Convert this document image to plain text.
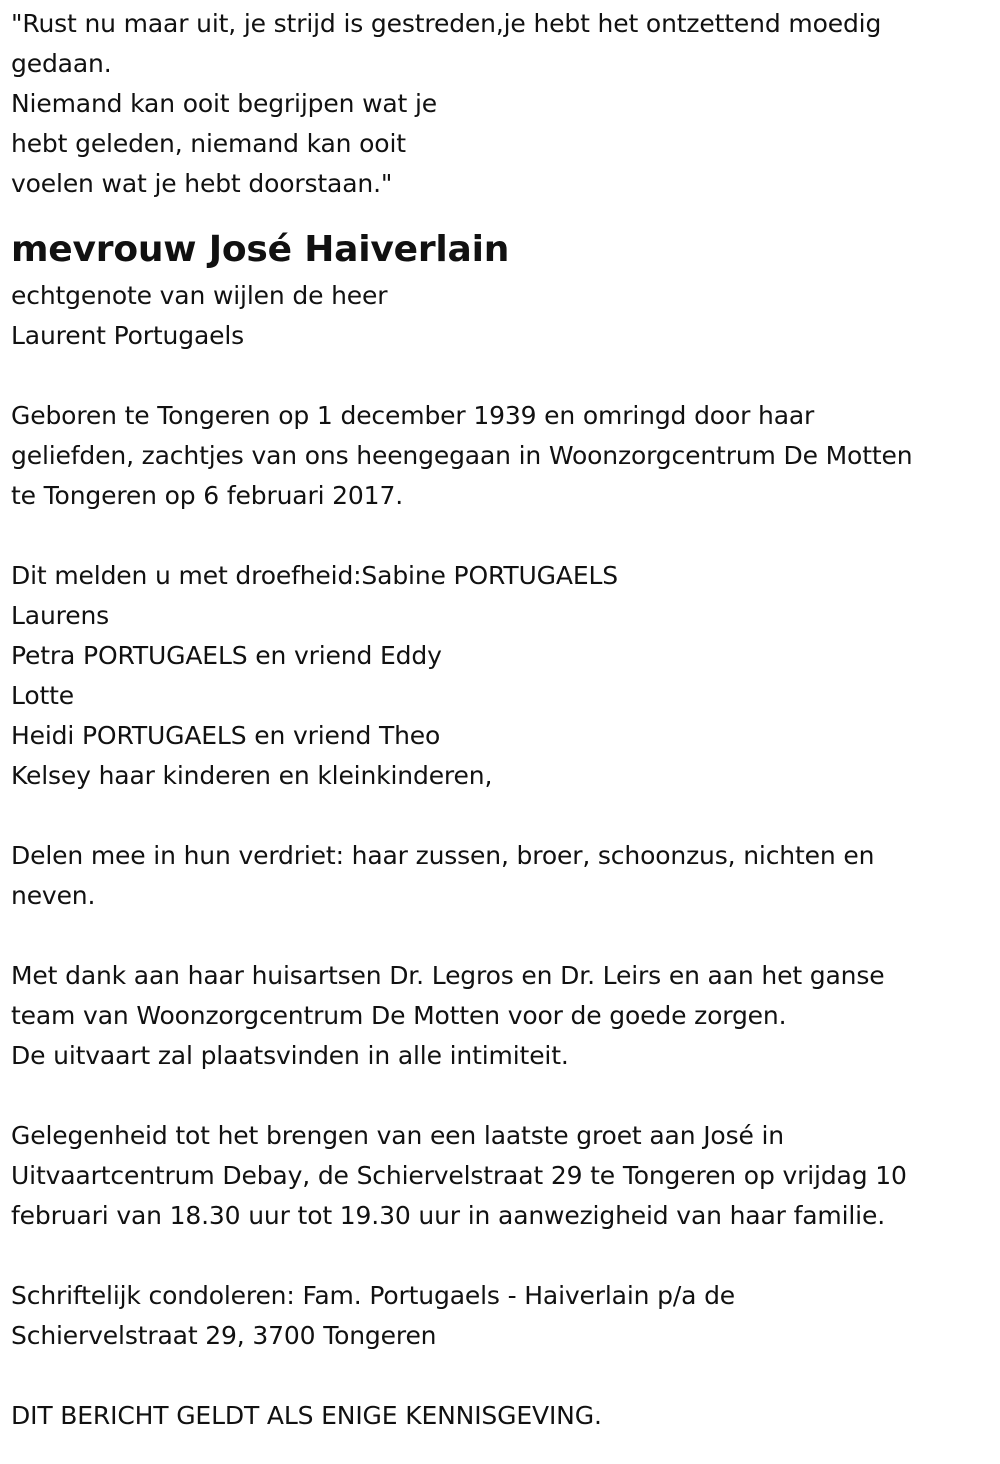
"Rust nu maar uit, je strijd is gestreden,je hebt het ontzettend moedig
gedaan.
Niemand kan ooit begrijpen wat je
hebt geleden, niemand kan ooit
voelen wat je hebt doorstaan."
mevrouw José Haiverlain
echtgenote van wijlen de heer
Laurent Portugaels
Geboren te Tongeren op 1 december 1939 en omringd door haar
geliefden, zachtjes van ons heengegaan in Woonzorgcentrum De Motten
te Tongeren op 6 februari 2017.
Dit melden u met droefheid:Sabine PORTUGAELS
Laurens
Petra PORTUGAELS en vriend Eddy
Lotte
Heidi PORTUGAELS en vriend Theo
Kelsey haar kinderen en kleinkinderen,
Delen mee in hun verdriet: haar zussen, broer, schoonzus, nichten en
neven.
Met dank aan haar huisartsen Dr. Legros en Dr. Leirs en aan het ganse
team van Woonzorgcentrum De Motten voor de goede zorgen.
De uitvaart zal plaatsvinden in alle intimiteit.
Gelegenheid tot het brengen van een laatste groet aan José in
Uitvaartcentrum Debay, de Schiervelstraat 29 te Tongeren op vrijdag 10
februari van 18.30 uur tot 19.30 uur in aanwezigheid van haar familie.
Schriftelijk condoleren: Fam. Portugaels - Haiverlain p/a de
Schiervelstraat 29, 3700 Tongeren
DIT BERICHT GELDT ALS ENIGE KENNISGEVING.
